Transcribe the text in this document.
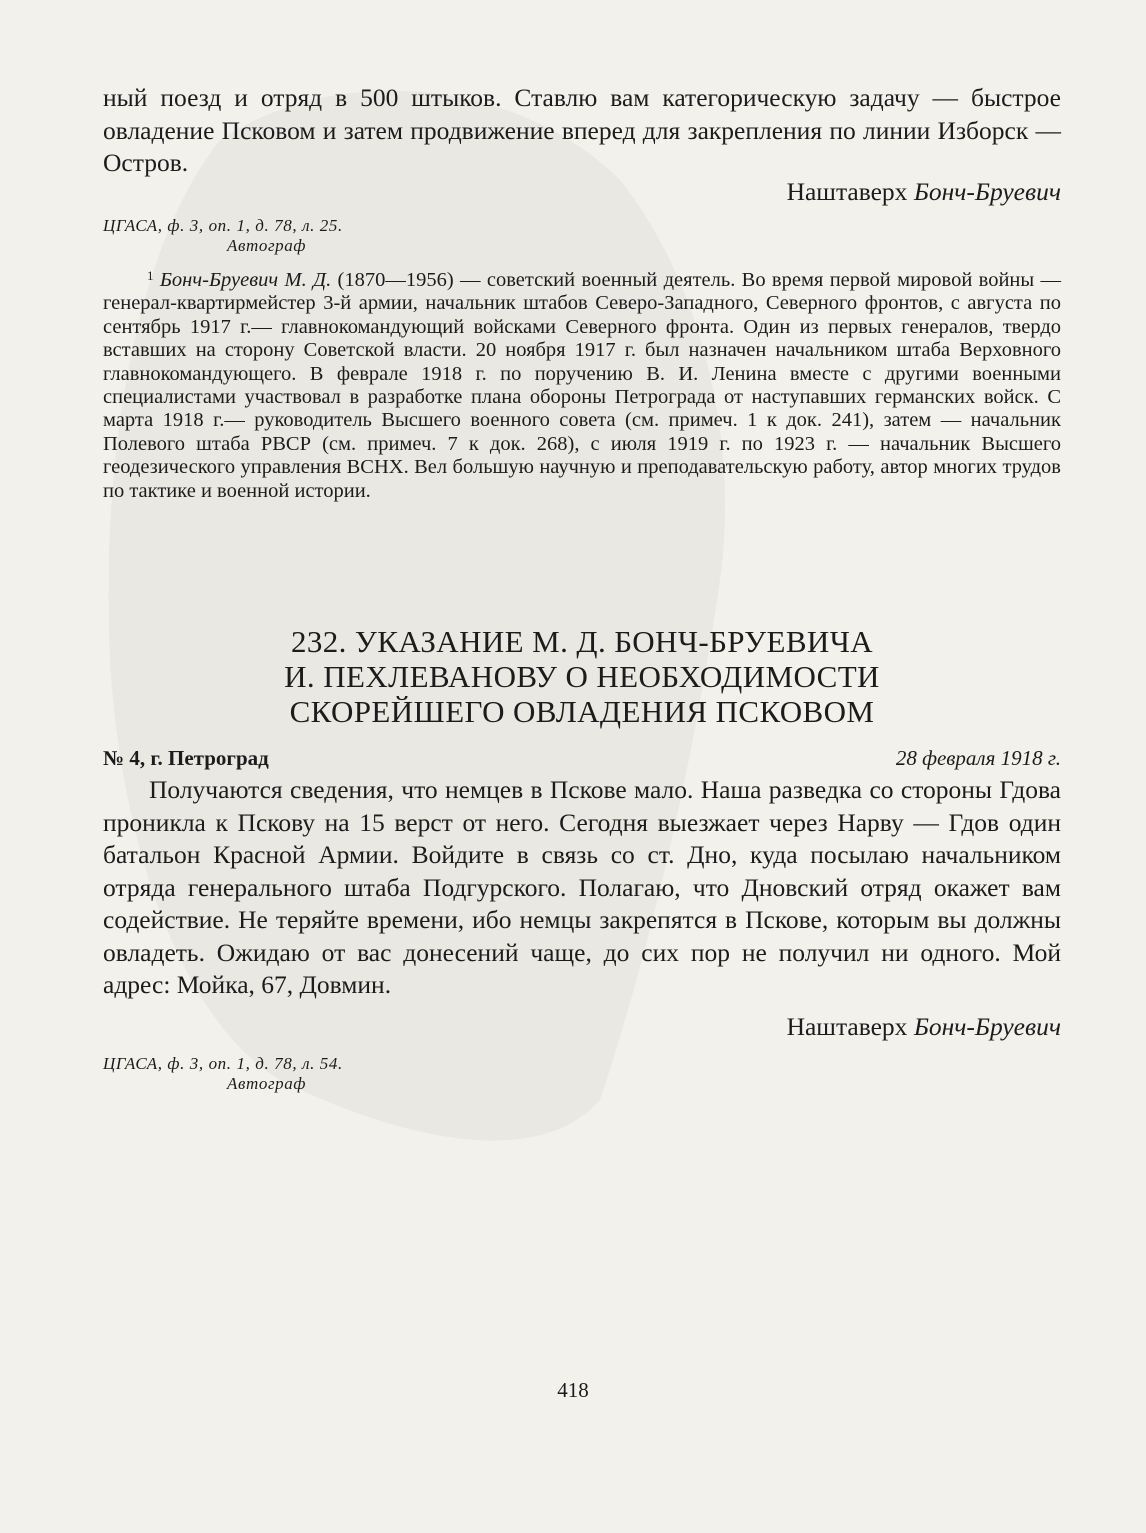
ный поезд и отряд в 500 штыков. Ставлю вам категорическую задачу — быстрое овладение Псковом и затем продвижение вперед для закрепления по линии Изборск — Остров.

Наштаверх Бонч-Бруевич

ЦГАСА, ф. 3, оп. 1, д. 78, л. 25.
Автограф

$^1$ Бонч-Бруевич М. Д. (1870—1956) — советский военный деятель. Во время первой мировой войны — генерал-квартирмейстер 3-й армии, начальник штабов Северо-Западного, Северного фронтов, с августа по сентябрь 1917 г.— главнокомандующий войсками Северного фронта. Один из первых генералов, твердо вставших на сторону Советской власти. 20 ноября 1917 г. был назначен начальником штаба Верховного главнокомандующего. В феврале 1918 г. по поручению В. И. Ленина вместе с другими военными специалистами участвовал в разработке плана обороны Петрограда от наступавших германских войск. С марта 1918 г.— руководитель Высшего военного совета (см. примеч. 1 к док. 241), затем — начальник Полевого штаба РВСР (см. примеч. 7 к док. 268), с июля 1919 г. по 1923 г. — начальник Высшего геодезического управления ВСНХ. Вел большую научную и преподавательскую работу, автор многих трудов по тактике и военной истории.

232. УКАЗАНИЕ М. Д. БОНЧ-БРУЕВИЧА

И. ПЕХЛЕВАНОВУ О НЕОБХОДИМОСТИ

СКОРЕЙШЕГО ОВЛАДЕНИЯ ПСКОВОМ

№ 4, г. Петроград	28 февраля 1918 г.

Получаются сведения, что немцев в Пскове мало. Наша разведка со стороны Гдова проникла к Пскову на 15 верст от него. Сегодня выезжает через Нарву — Гдов один батальон Красной Армии. Войдите в связь со ст. Дно, куда посылаю начальником отряда генерального штаба Подгурского. Полагаю, что Дновский отряд окажет вам содействие. Не теряйте времени, ибо немцы закрепятся в Пскове, которым вы должны овладеть. Ожидаю от вас донесений чаще, до сих пор не получил ни одного. Мой адрес: Мойка, 67, Довмин.

Наштаверх Бонч-Бруевич

ЦГАСА, ф. 3, оп. 1, д. 78, л. 54.
Автограф

418
